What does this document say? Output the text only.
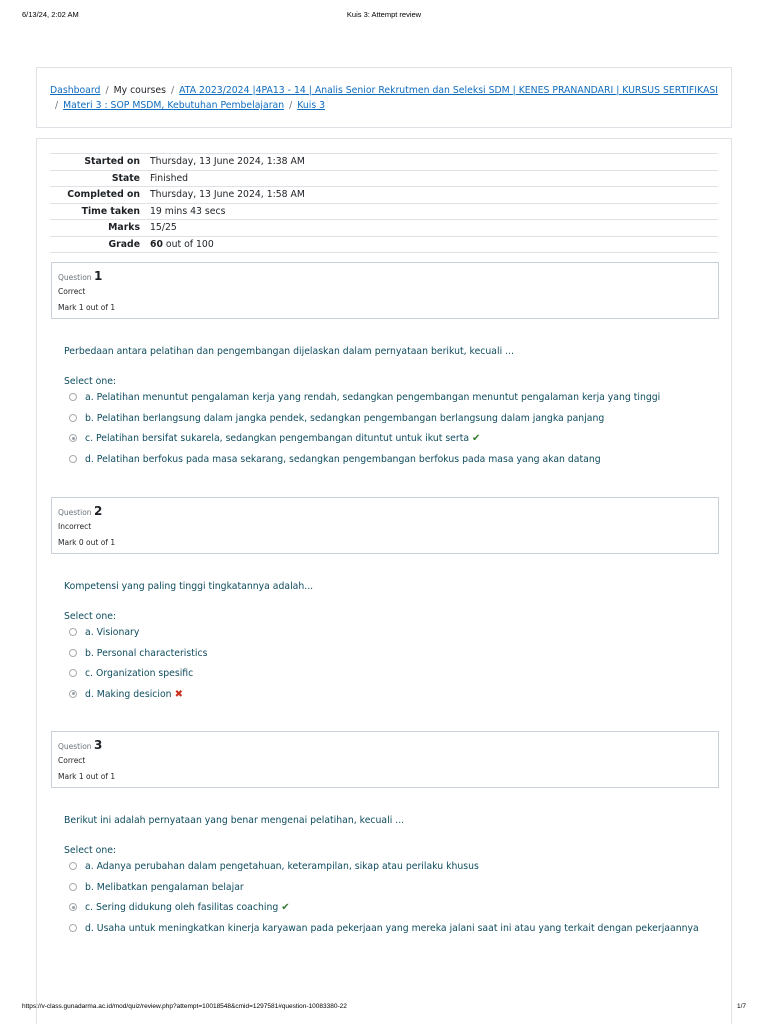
6/13/24, 2:02 AM	Kuis 3: Attempt review
Dashboard / My courses / ATA 2023/2024 |4PA13 - 14 | Analis Senior Rekrutmen dan Seleksi SDM | KENES PRANANDARI | KURSUS SERTIFIKASI
/ Materi 3 : SOP MSDM, Kebutuhan Pembelajaran / Kuis 3
Started on	Thursday, 13 June 2024, 1:38 AM
State	Finished
Completed on	Thursday, 13 June 2024, 1:58 AM
Time taken	19 mins 43 secs
Marks	15/25
Grade	60 out of 100
Question 1
Correct
Mark 1 out of 1
Perbedaan antara pelatihan dan pengembangan dijelaskan dalam pernyataan berikut, kecuali ...
Select one:
a. Pelatihan menuntut pengalaman kerja yang rendah, sedangkan pengembangan menuntut pengalaman kerja yang tinggi
b. Pelatihan berlangsung dalam jangka pendek, sedangkan pengembangan berlangsung dalam jangka panjang
c. Pelatihan bersifat sukarela, sedangkan pengembangan dituntut untuk ikut serta ✔
d. Pelatihan berfokus pada masa sekarang, sedangkan pengembangan berfokus pada masa yang akan datang
Question 2
Incorrect
Mark 0 out of 1
Kompetensi yang paling tinggi tingkatannya adalah...
Select one:
a. Visionary
b. Personal characteristics
c. Organization spesific
d. Making desicion ✖
Question 3
Correct
Mark 1 out of 1
Berikut ini adalah pernyataan yang benar mengenai pelatihan, kecuali ...
Select one:
a. Adanya perubahan dalam pengetahuan, keterampilan, sikap atau perilaku khusus
b. Melibatkan pengalaman belajar
c. Sering didukung oleh fasilitas coaching ✔
d. Usaha untuk meningkatkan kinerja karyawan pada pekerjaan yang mereka jalani saat ini atau yang terkait dengan pekerjaannya
https://v-class.gunadarma.ac.id/mod/quiz/review.php?attempt=10018548&cmid=1297581#question-10083380-22	1/7
